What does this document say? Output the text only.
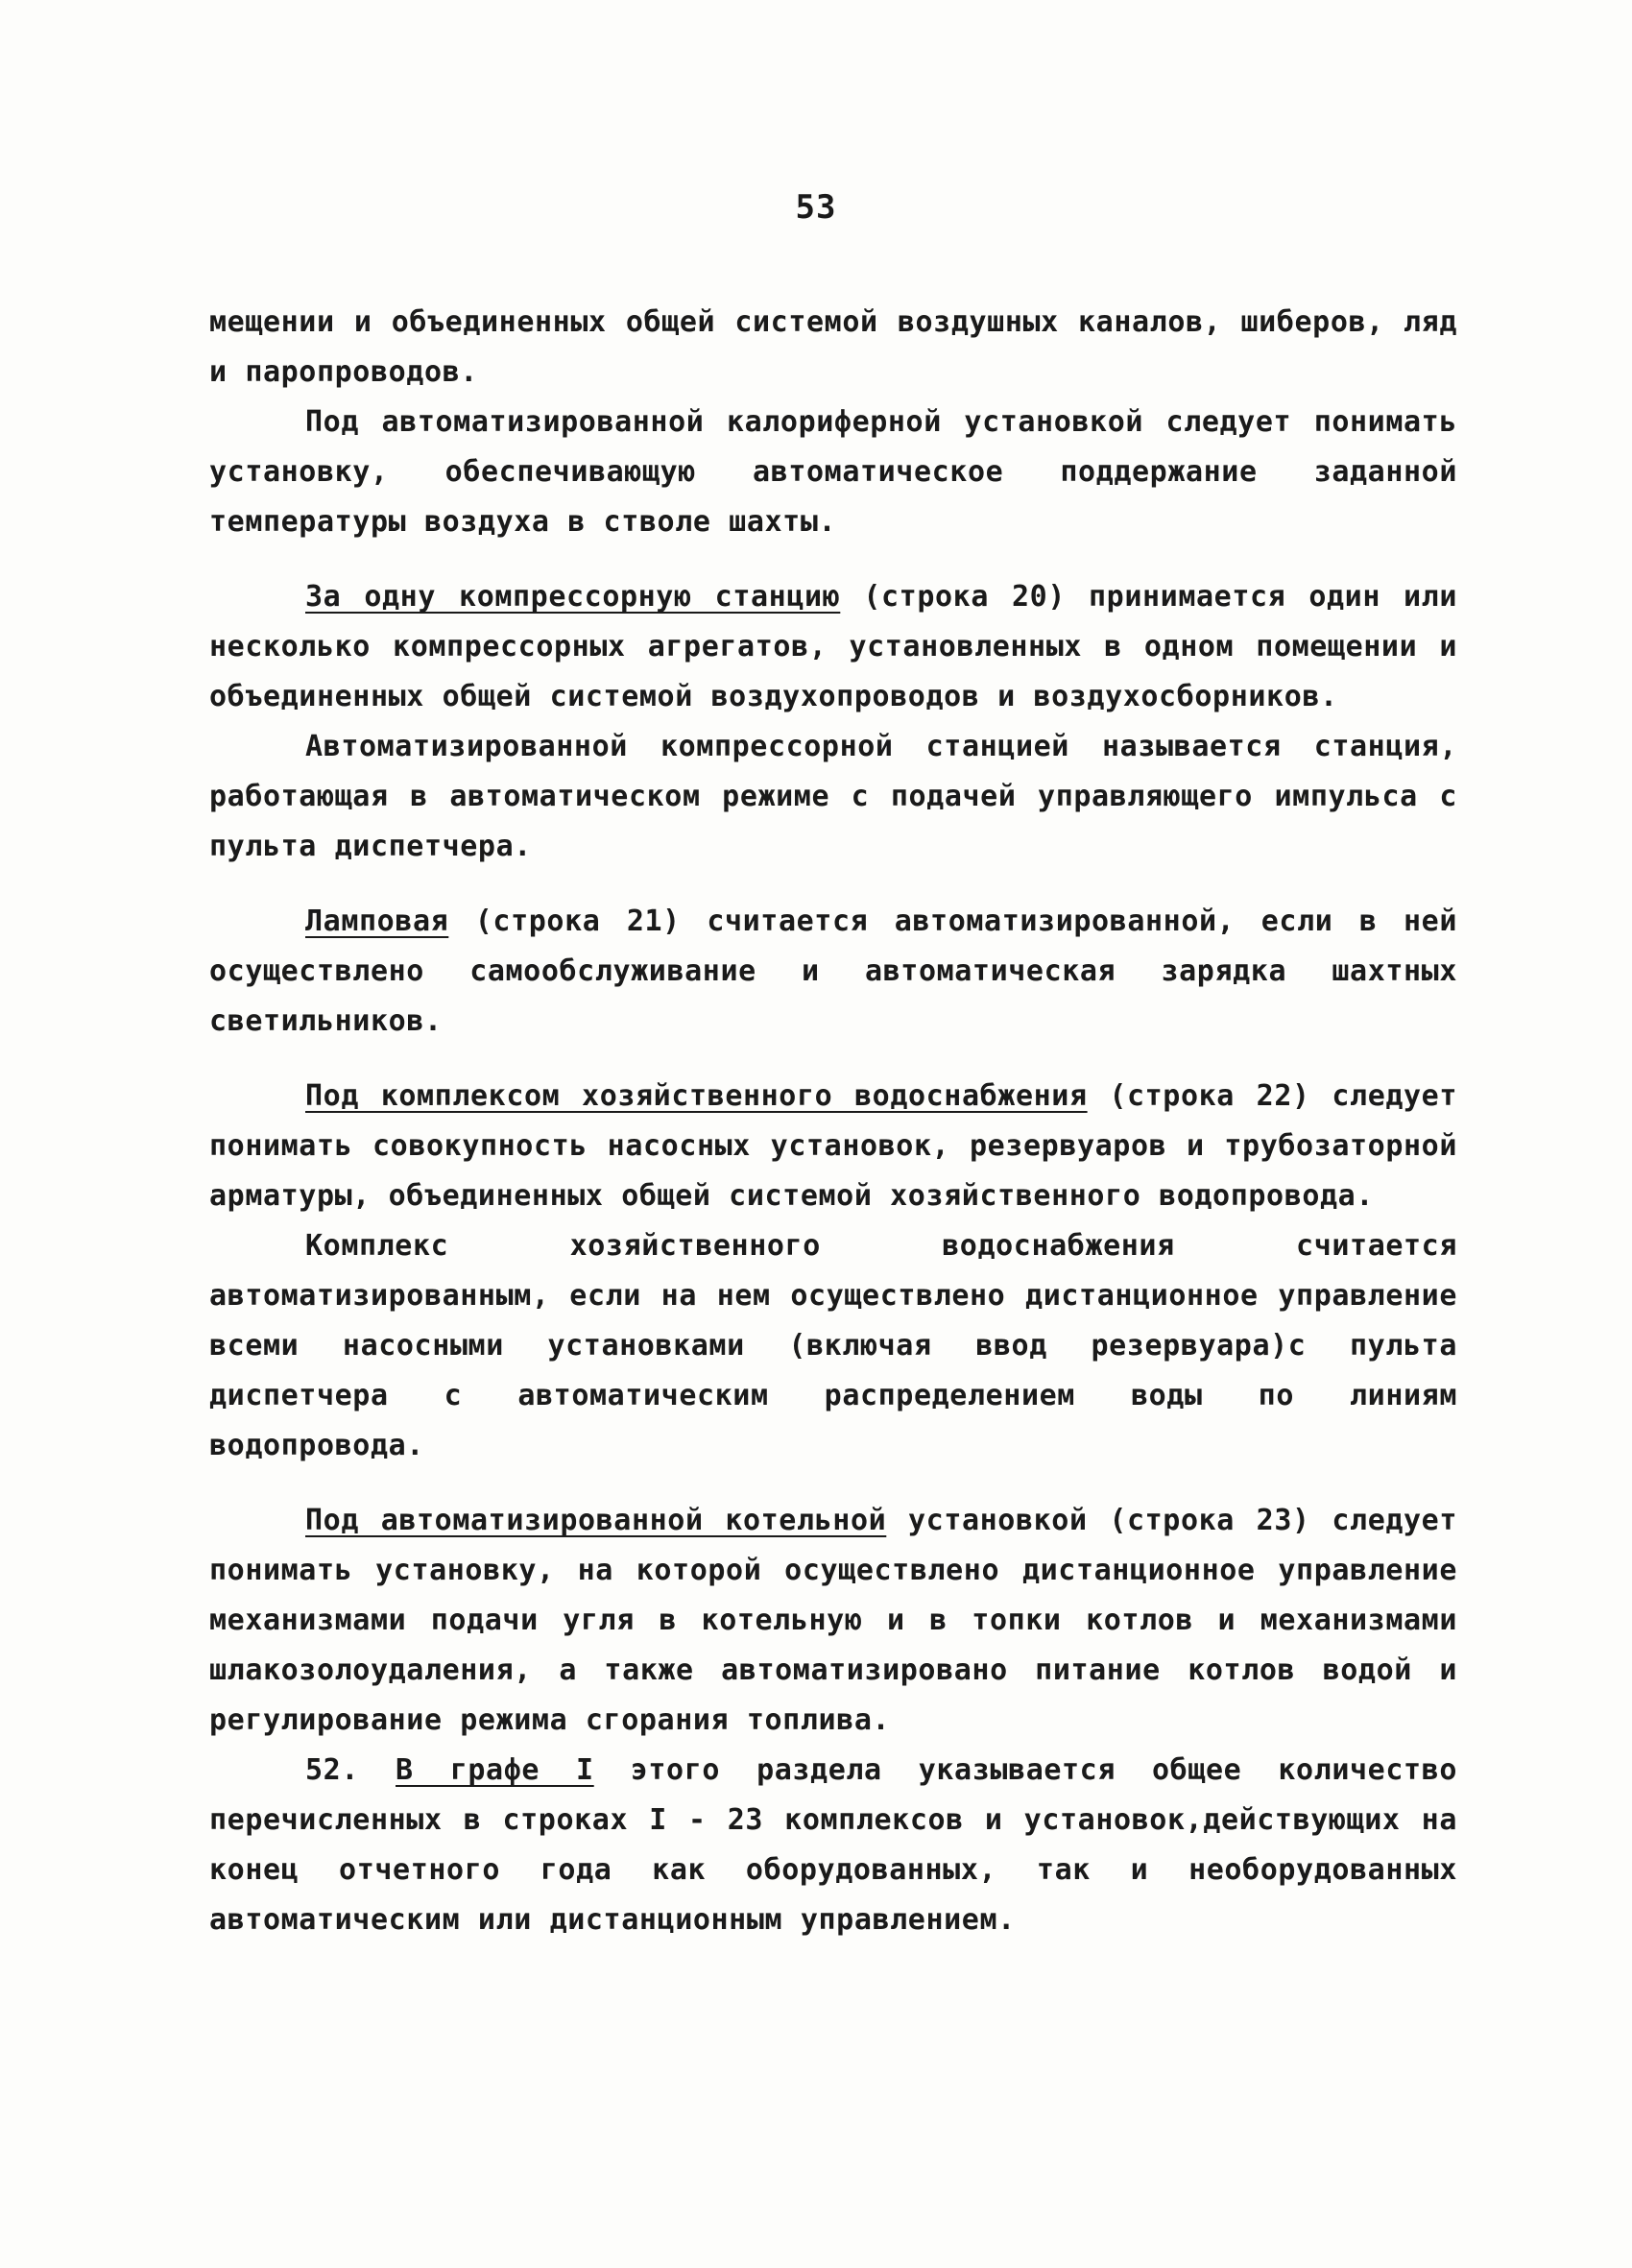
53

мещении и объединенных общей системой воздушных каналов, шиберов, ляд и паропроводов.

Под автоматизированной калориферной установкой следует понимать установку, обеспечивающую автоматическое поддержание заданной температуры воздуха в стволе шахты.

За одну компрессорную станцию (строка 20) принимается один или несколько компрессорных агрегатов, установленных в одном помещении и объединенных общей системой воздухопроводов и воздухосборников.

Автоматизированной компрессорной станцией называется станция, работающая в автоматическом режиме с подачей управляющего импульса с пульта диспетчера.

Ламповая (строка 21) считается автоматизированной, если в ней осуществлено самообслуживание и автоматическая зарядка шахтных светильников.

Под комплексом хозяйственного водоснабжения (строка 22) следует понимать совокупность насосных установок, резервуаров и трубозаторной арматуры, объединенных общей системой хозяйственного водопровода.

Комплекс хозяйственного водоснабжения считается автоматизированным, если на нем осуществлено дистанционное управление всеми насосными установками (включая ввод резервуара)с пульта диспетчера с автоматическим распределением воды по линиям водопровода.

Под автоматизированной котельной установкой (строка 23) следует понимать установку, на которой осуществлено дистанционное управление механизмами подачи угля в котельную и в топки котлов и механизмами шлакозолоудаления, а также автоматизировано питание котлов водой и регулирование режима сгорания топлива.

52. В графе I этого раздела указывается общее количество перечисленных в строках I - 23 комплексов и установок,действующих на конец отчетного года как оборудованных, так и необорудованных автоматическим или дистанционным управлением.
